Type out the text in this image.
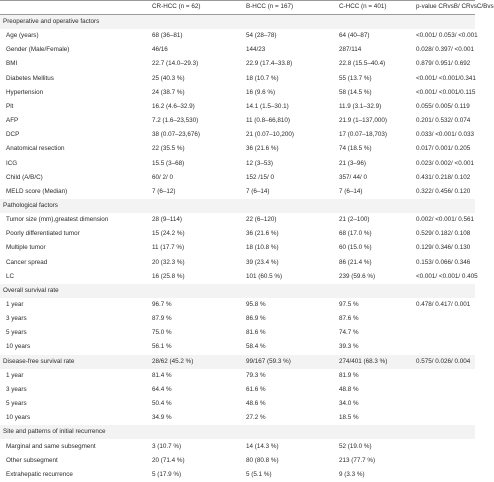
CR-HCC (n = 62)	B-HCC (n = 167)	C-HCC (n = 401)	p-value CRvsB/ CRvsC/Bvs
Preoperative and operative factors
Age (years)	68 (36–81)	54 (28–78)	64 (40–87)	<0.001/ 0.053/ <0.001
Gender (Male/Female)	46/16	144/23	287/114	0.028/ 0.397/ <0.001
BMI	22.7 (14.0–29.3)	22.9 (17.4–33.8)	22.8 (15.5–40.4)	0.879/ 0.951/ 0.692
Diabetes Mellitus	25 (40.3 %)	18 (10.7 %)	55 (13.7 %)	<0.001/ <0.001/0.341
Hypertension	24 (38.7 %)	16 (9.6 %)	58 (14.5 %)	<0.001/ <0.001/0.115
Plt	16.2 (4.6–32.9)	14.1 (1.5–30.1)	11.9 (3.1–32.9)	0.055/ 0.005/ 0.119
AFP	7.2 (1.6–23,530)	11 (0.8–66,810)	21.9 (1–137,000)	0.201/ 0.532/ 0.074
DCP	38 (0.07–23,676)	21 (0.07–10,200)	17 (0.07–18,703)	0.033/ <0.001/ 0.033
Anatomical resection	22 (35.5 %)	36 (21.6 %)	74 (18.5 %)	0.017/ 0.001/ 0.205
ICG	15.5 (3–68)	12 (3–53)	21 (3–96)	0.023/ 0.002/ <0.001
Child (A/B/C)	60/ 2/ 0	152 /15/ 0	357/ 44/ 0	0.431/ 0.218/ 0.102
MELD score (Median)	7 (6–12)	7 (6–14)	7 (6–14)	0.322/ 0.456/ 0.120
Pathological factors
Tumor size (mm),greatest dimension	28 (9–114)	22 (6–120)	21 (2–100)	0.002/ <0.001/ 0.561
Poorly differentiated tumor	15 (24.2 %)	36 (21.6 %)	68 (17.0 %)	0.529/ 0.182/ 0.108
Multiple tumor	11 (17.7 %)	18 (10.8 %)	60 (15.0 %)	0.129/ 0.346/ 0.130
Cancer spread	20 (32.3 %)	39 (23.4 %)	86 (21.4 %)	0.153/ 0.066/ 0.346
LC	16 (25.8 %)	101 (60.5 %)	239 (59.6 %)	<0.001/ <0.001/ 0.405
Overall survival rate
1 year	96.7 %	95.8 %	97.5 %	0.478/ 0.417/ 0.001
3 years	87.9 %	86.9 %	87.6 %
5 years	75.0 %	81.6 %	74.7 %
10 years	56.1 %	58.4 %	39.3 %
Disease-free survival rate	28/62 (45.2 %)	99/167 (59.3 %)	274/401 (68.3 %)	0.575/ 0.026/ 0.004
1 year	81.4 %	79.3 %	81.9 %
3 years	64.4 %	61.6 %	48.8 %
5 years	50.4 %	48.6 %	34.0 %
10 years	34.9 %	27.2 %	18.5 %
Site and patterns of initial recurrence
Marginal and same subsegment	3 (10.7 %)	14 (14.3 %)	52 (19.0 %)
Other subsegment	20 (71.4 %)	80 (80.8 %)	213 (77.7 %)
Extrahepatic recurrence	5 (17.9 %)	5 (5.1 %)	9 (3.3 %)
